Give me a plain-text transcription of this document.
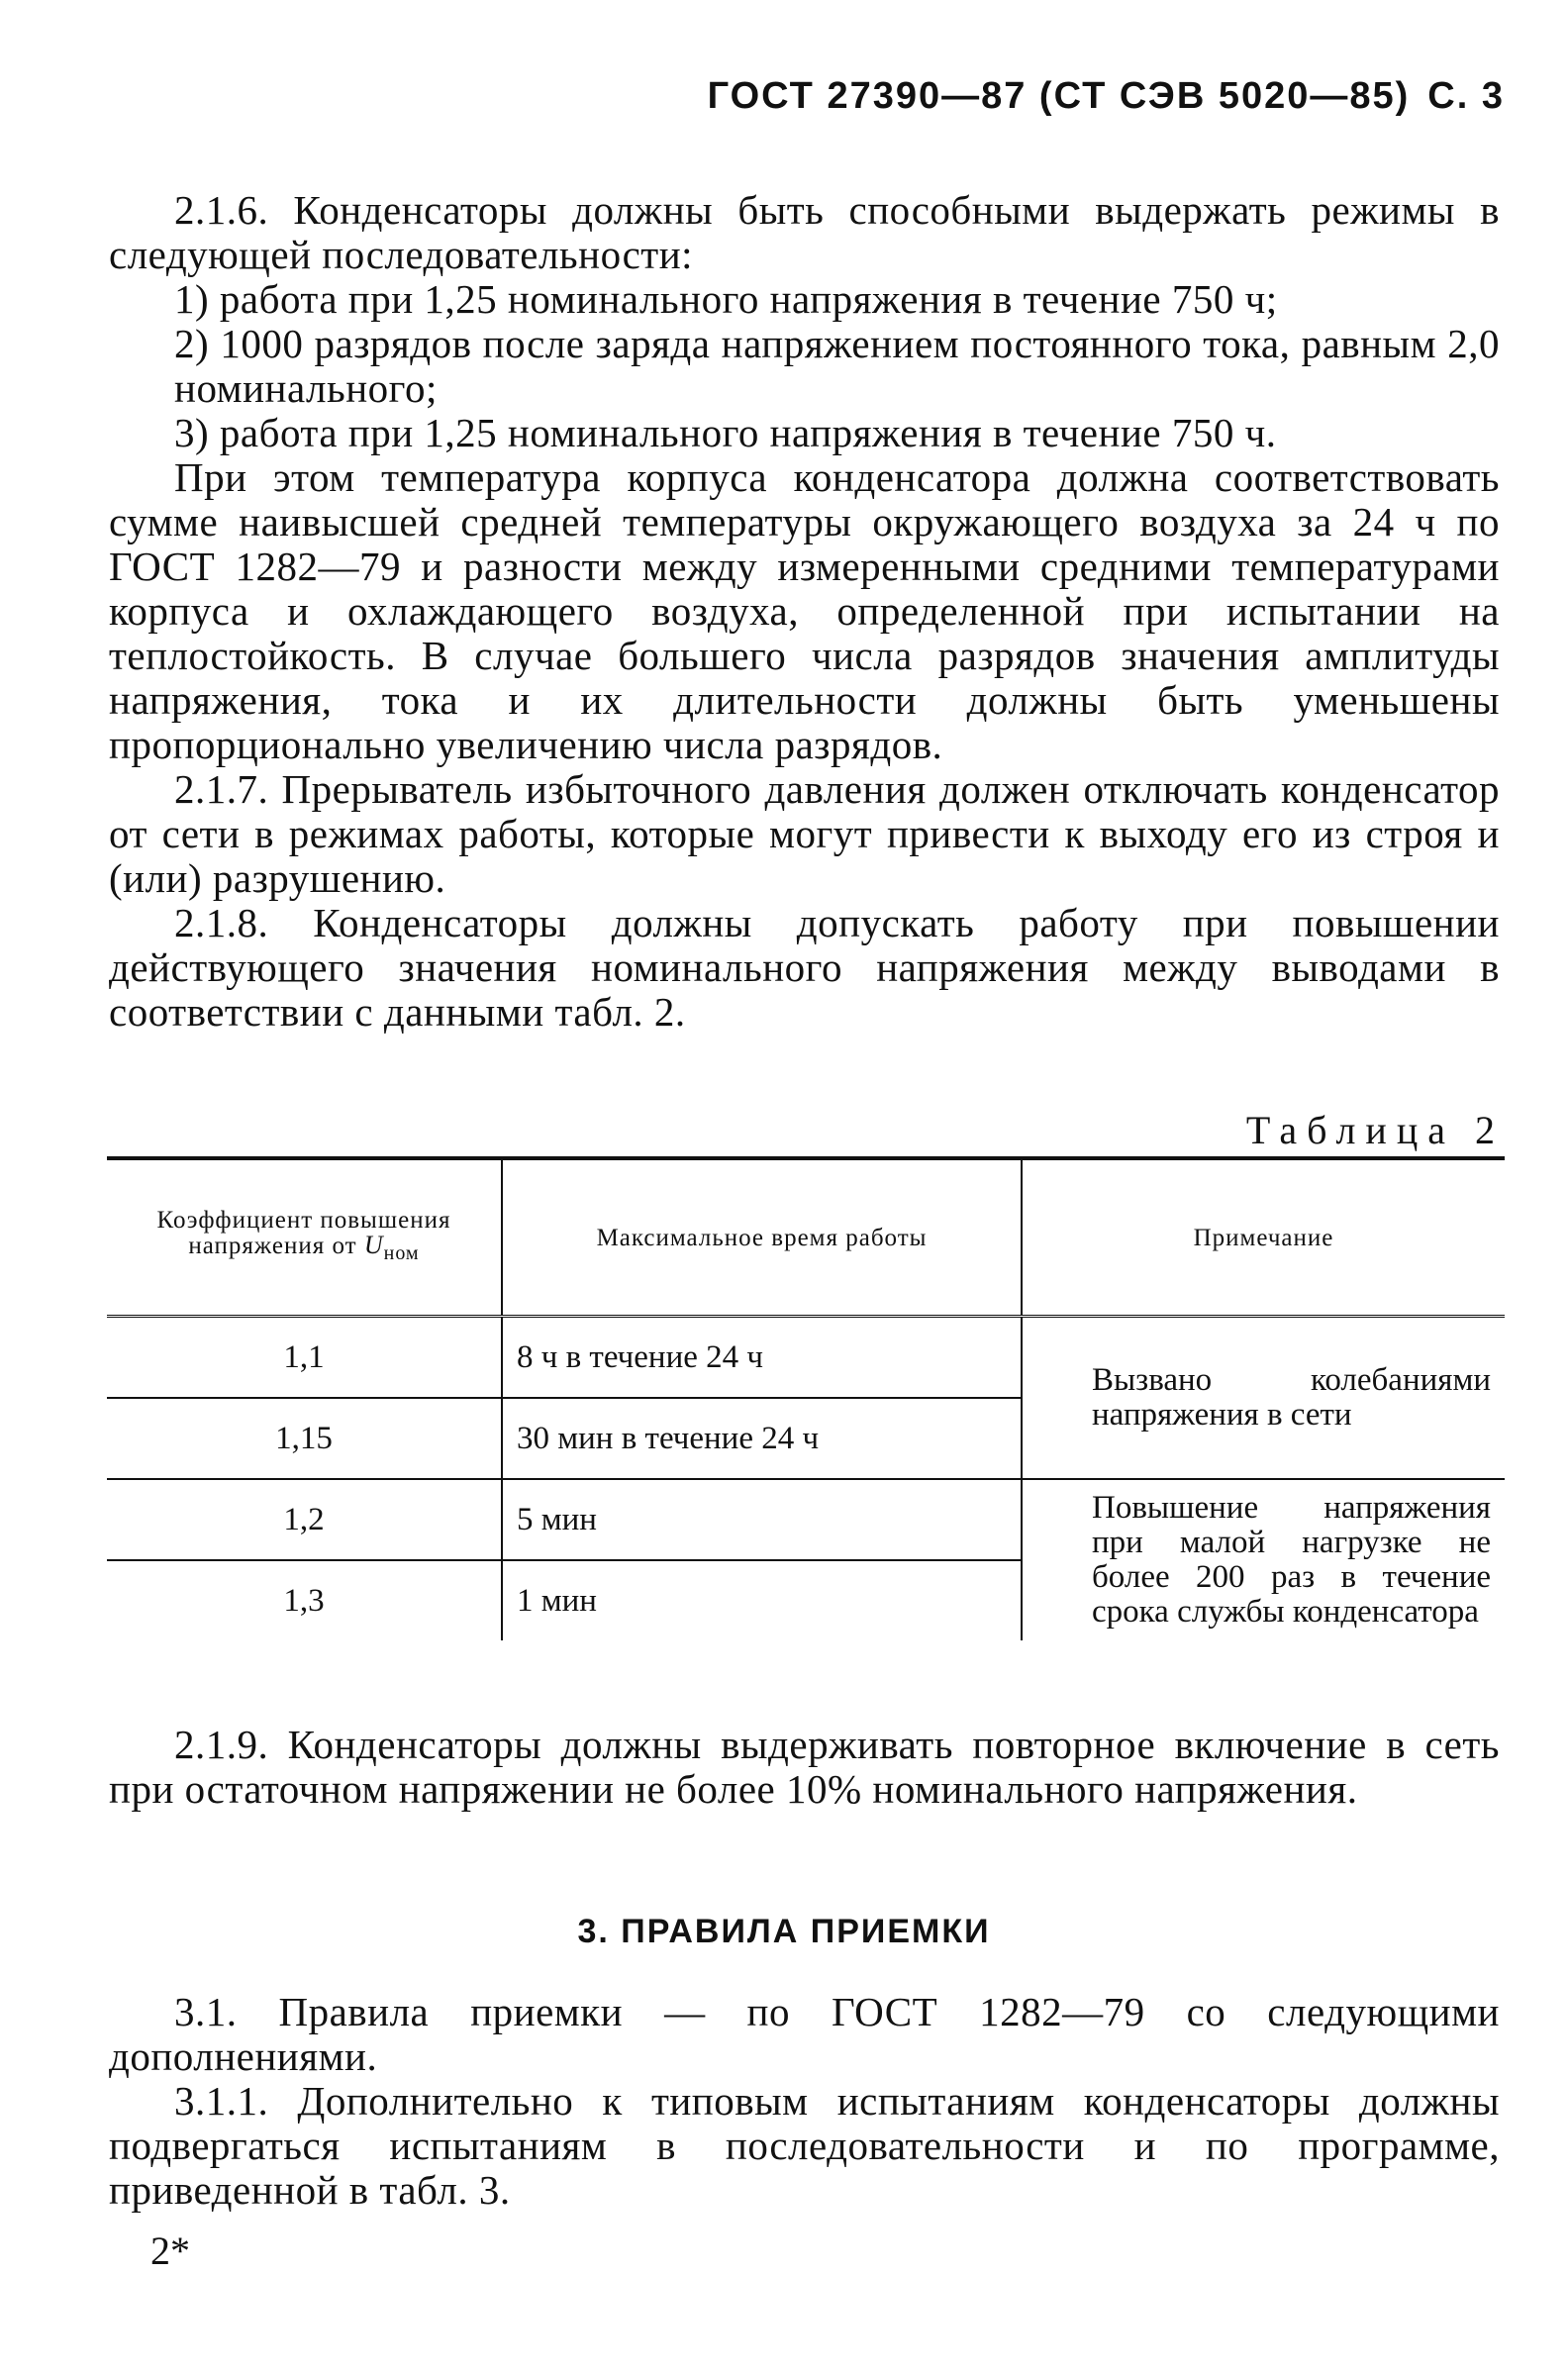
ГОСТ 27390—87 (СТ СЭВ 5020—85) С. 3

2.1.6. Конденсаторы должны быть способными выдержать режимы в следующей последовательности:

1) работа при 1,25 номинального напряжения в течение 750 ч;

2) 1000 разрядов после заряда напряжением постоянного тока, равным 2,0 номинального;

3) работа при 1,25 номинального напряжения в течение 750 ч.

При этом температура корпуса конденсатора должна соответствовать сумме наивысшей средней температуры окружающего воздуха за 24 ч по ГОСТ 1282—79 и разности между измеренными средними температурами корпуса и охлаждающего воздуха, определенной при испытании на теплостойкость. В случае большего числа разрядов значения амплитуды напряжения, тока и их длительности должны быть уменьшены пропорционально увеличению числа разрядов.

2.1.7. Прерыватель избыточного давления должен отключать конденсатор от сети в режимах работы, которые могут привести к выходу его из строя и (или) разрушению.

2.1.8. Конденсаторы должны допускать работу при повышении действующего значения номинального напряжения между выводами в соответствии с данными табл. 2.

Таблица 2
Коэффициент повышения напряжения от $U_{ном}$	Максимальное время работы	Примечание
1,1	8 ч в течение 24 ч	Вызвано колебаниями напряжения в сети
1,15	30 мин в течение 24 ч	
1,2	5 мин	Повышение напряжения при малой нагрузке не более 200 раз в течение срока службы конденсатора
1,3	1 мин	

2.1.9. Конденсаторы должны выдерживать повторное включение в сеть при остаточном напряжении не более 10% номинального напряжения.

3. ПРАВИЛА ПРИЕМКИ

3.1. Правила приемки — по ГОСТ 1282—79 со следующими дополнениями.

3.1.1. Дополнительно к типовым испытаниям конденсаторы должны подвергаться испытаниям в последовательности и по программе, приведенной в табл. 3.

2*
